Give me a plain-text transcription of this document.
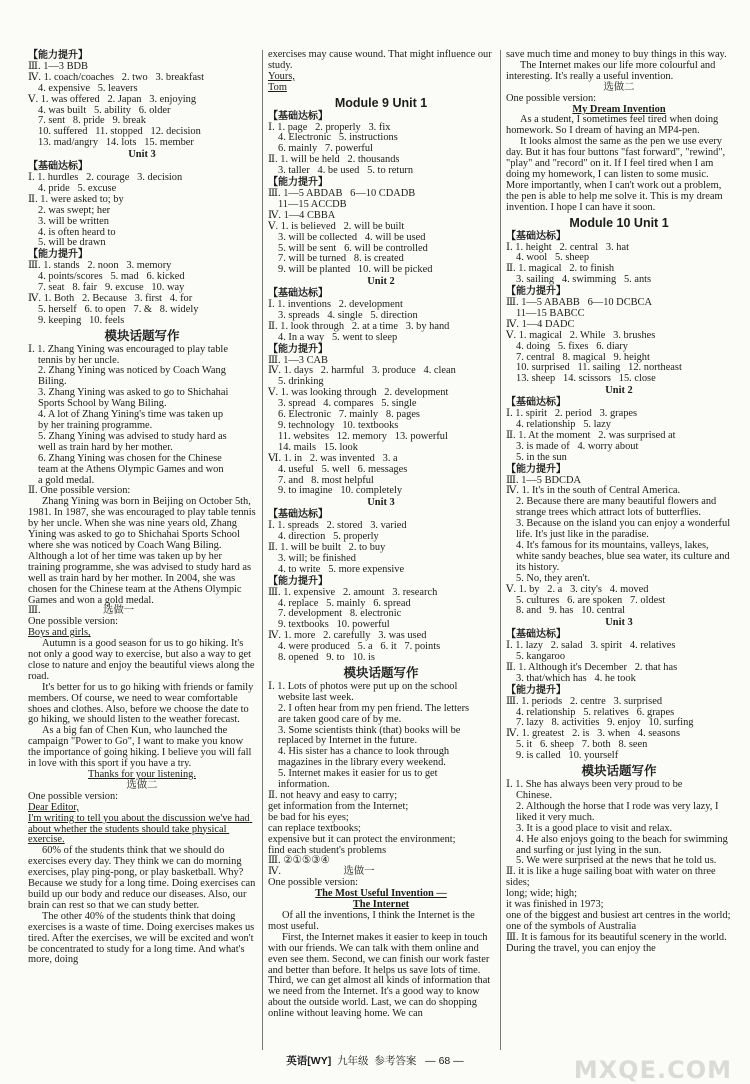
【能力提升】
Ⅲ. 1—3 BDB
Ⅳ. 1. coach/coaches   2. two   3. breakfast
4. expensive   5. leavers
Ⅴ. 1. was offered   2. Japan   3. enjoying
4. was built   5. ability   6. older
7. sent   8. pride   9. break
10. suffered   11. stopped   12. decision
13. mad/angry   14. lots   15. member
Unit 3
【基础达标】
Ⅰ. 1. hurdles   2. courage   3. decision
4. pride   5. excuse
Ⅱ. 1. were asked to; by
2. was swept; her
3. will be written
4. is often heard to
5. will be drawn
【能力提升】
Ⅲ. 1. stands   2. noon   3. memory
4. points/scores   5. mad   6. kicked
7. seat   8. fair   9. excuse   10. way
Ⅳ. 1. Both   2. Because   3. first   4. for
5. herself   6. to open   7. &   8. widely
9. keeping   10. feels
模块话题写作
Ⅰ. 1. Zhang Yining was encouraged to play table
tennis by her uncle.
2. Zhang Yining was noticed by Coach Wang
Biling.
3. Zhang Yining was asked to go to Shichahai
Sports School by Wang Biling.
4. A lot of Zhang Yining's time was taken up
by her training programme.
5. Zhang Yining was advised to study hard as
well as train hard by her mother.
6. Zhang Yining was chosen for the Chinese
team at the Athens Olympic Games and won
a gold medal.
Ⅱ. One possible version:
Zhang Yining was born in Beijing on October 5th, 1981. In 1987, she was encouraged to play table tennis by her uncle. When she was nine years old, Zhang Yining was asked to go to Shichahai Sports School where she was noticed by Coach Wang Biling. Although a lot of her time was taken up by her training programme, she was advised to study hard as well as train hard by her mother. In 2004, she was chosen for the Chinese team at the Athens Olympic Games and won a gold medal.
Ⅲ.                        选做一
One possible version:
Boys and girls,
Autumn is a good season for us to go hiking. It's not only a good way to exercise, but also a way to get close to nature and enjoy the beautiful views along the road.
It's better for us to go hiking with friends or family members. Of course, we need to wear comfortable shoes and clothes. Also, before we choose the date to go hiking, we should listen to the weather forecast.
As a big fan of Chen Kun, who launched the campaign "Power to Go", I want to make you know the importance of going hiking. I believe you will fall in love with this sport if you have a try.
Thanks for your listening.
选做二
One possible version:
Dear Editor,
I'm writing to tell you about the discussion we've had about whether the students should take physical exercise.
60% of the students think that we should do exercises every day. They think we can do morning exercises, play ping-pong, or play basketball. Why? Because we study for a long time. Doing exercises can build up our body and reduce our diseases. Also, our brain can rest so that we can study better.
The other 40% of the students think that doing exercises is a waste of time. Doing exercises makes us tired. After the exercises, we will be excited and won't be concentrated to study for a long time. And what's more, doing
exercises may cause wound. That might influence our study.
Yours,
Tom
Module 9 Unit 1
【基础达标】
Ⅰ. 1. page   2. properly   3. fix
4. Electronic   5. instructions
6. mainly   7. powerful
Ⅱ. 1. will be held   2. thousands
3. taller   4. be used   5. to return
【能力提升】
Ⅲ. 1—5 ABDAB   6—10 CDADB
11—15 ACCDB
Ⅳ. 1—4 CBBA
Ⅴ. 1. is believed   2. will be built
3. will be collected   4. will be used
5. will be sent   6. will be controlled
7. will be turned   8. is created
9. will be planted   10. will be picked
Unit 2
【基础达标】
Ⅰ. 1. inventions   2. development
3. spreads   4. single   5. direction
Ⅱ. 1. look through   2. at a time   3. by hand
4. In a way   5. went to sleep
【能力提升】
Ⅲ. 1—3 CAB
Ⅳ. 1. days   2. harmful   3. produce   4. clean
5. drinking
Ⅴ. 1. was looking through   2. development
3. spread   4. compares   5. single
6. Electronic   7. mainly   8. pages
9. technology   10. textbooks
11. websites   12. memory   13. powerful
14. mails   15. look
Ⅵ. 1. in   2. was invented   3. a
4. useful   5. well   6. messages
7. and   8. most helpful
9. to imagine   10. completely
Unit 3
【基础达标】
Ⅰ. 1. spreads   2. stored   3. varied
4. direction   5. properly
Ⅱ. 1. will be built   2. to buy
3. will; be finished
4. to write   5. more expensive
【能力提升】
Ⅲ. 1. expensive   2. amount   3. research
4. replace   5. mainly   6. spread
7. development   8. electronic
9. textbooks   10. powerful
Ⅳ. 1. more   2. carefully   3. was used
4. were produced   5. a   6. it   7. points
8. opened   9. to   10. is
模块话题写作
Ⅰ. 1. Lots of photos were put up on the school
website last week.
2. I often hear from my pen friend. The letters
are taken good care of by me.
3. Some scientists think (that) books will be
replaced by Internet in the future.
4. His sister has a chance to look through
magazines in the library every weekend.
5. Internet makes it easier for us to get
information.
Ⅱ. not heavy and easy to carry;
get information from the Internet;
be bad for his eyes;
can replace textbooks;
expensive but it can protect the environment;
find each student's problems
Ⅲ. ②①⑤③④
Ⅳ.                        选做一
One possible version:
The Most Useful Invention —
The Internet
Of all the inventions, I think the Internet is the most useful.
First, the Internet makes it easier to keep in touch with our friends. We can talk with them online and even see them. Second, we can finish our work faster and better than before. It helps us save lots of time. Third, we can get almost all kinds of information that we need from the Internet. It's a good way to know about the outside world. Last, we can do shopping online without leaving home. We can
save much time and money to buy things in this way.
The Internet makes our life more colourful and interesting. It's really a useful invention.
选做二
One possible version:
My Dream Invention
As a student, I sometimes feel tired when doing homework. So I dream of having an MP4-pen.
It looks almost the same as the pen we use every day. But it has four buttons "fast forward", "rewind", "play" and "record" on it. If I feel tired when I am doing my homework, I can listen to some music. More importantly, when I can't work out a problem, the pen is able to help me solve it. This is my dream invention. I hope I can have it soon.
Module 10 Unit 1
【基础达标】
Ⅰ. 1. height   2. central   3. hat
4. wool   5. sheep
Ⅱ. 1. magical   2. to finish
3. sailing   4. swimming   5. ants
【能力提升】
Ⅲ. 1—5 ABABB   6—10 DCBCA
11—15 BABCC
Ⅳ. 1—4 DADC
Ⅴ. 1. magical   2. While   3. brushes
4. doing   5. fixes   6. diary
7. central   8. magical   9. height
10. surprised   11. sailing   12. northeast
13. sheep   14. scissors   15. close
Unit 2
【基础达标】
Ⅰ. 1. spirit   2. period   3. grapes
4. relationship   5. lazy
Ⅱ. 1. At the moment   2. was surprised at
3. is made of   4. worry about
5. in the sun
【能力提升】
Ⅲ. 1—5 BDCDA
Ⅳ. 1. It's in the south of Central America.
2. Because there are many beautiful flowers and strange trees which attract lots of butterflies.
3. Because on the island you can enjoy a wonderful life. It's just like in the paradise.
4. It's famous for its mountains, valleys, lakes, white sandy beaches, blue sea water, its culture and its history.
5. No, they aren't.
Ⅴ. 1. by   2. a   3. city's   4. moved
5. cultures   6. are spoken   7. oldest
8. and   9. has   10. central
Unit 3
【基础达标】
Ⅰ. 1. lazy   2. salad   3. spirit   4. relatives
5. kangaroo
Ⅱ. 1. Although it's December   2. that has
3. that/which has   4. he took
【能力提升】
Ⅲ. 1. periods   2. centre   3. surprised
4. relationship   5. relatives   6. grapes
7. lazy   8. activities   9. enjoy   10. surfing
Ⅳ. 1. greatest   2. is   3. when   4. seasons
5. it   6. sheep   7. both   8. seen
9. is called   10. yourself
模块话题写作
Ⅰ. 1. She has always been very proud to be
Chinese.
2. Although the horse that I rode was very lazy, I liked it very much.
3. It is a good place to visit and relax.
4. He also enjoys going to the beach for swimming and surfing or just lying in the sun.
5. We were surprised at the news that he told us.
Ⅱ. it is like a huge sailing boat with water on three sides;
long; wide; high;
it was finished in 1973;
one of the biggest and busiest art centres in the world;
one of the symbols of Australia
Ⅲ. It is famous for its beautiful scenery in the world. During the travel, you can enjoy the
英语[WY] 九年级 参考答案 — 68 —	MXQE.COM
